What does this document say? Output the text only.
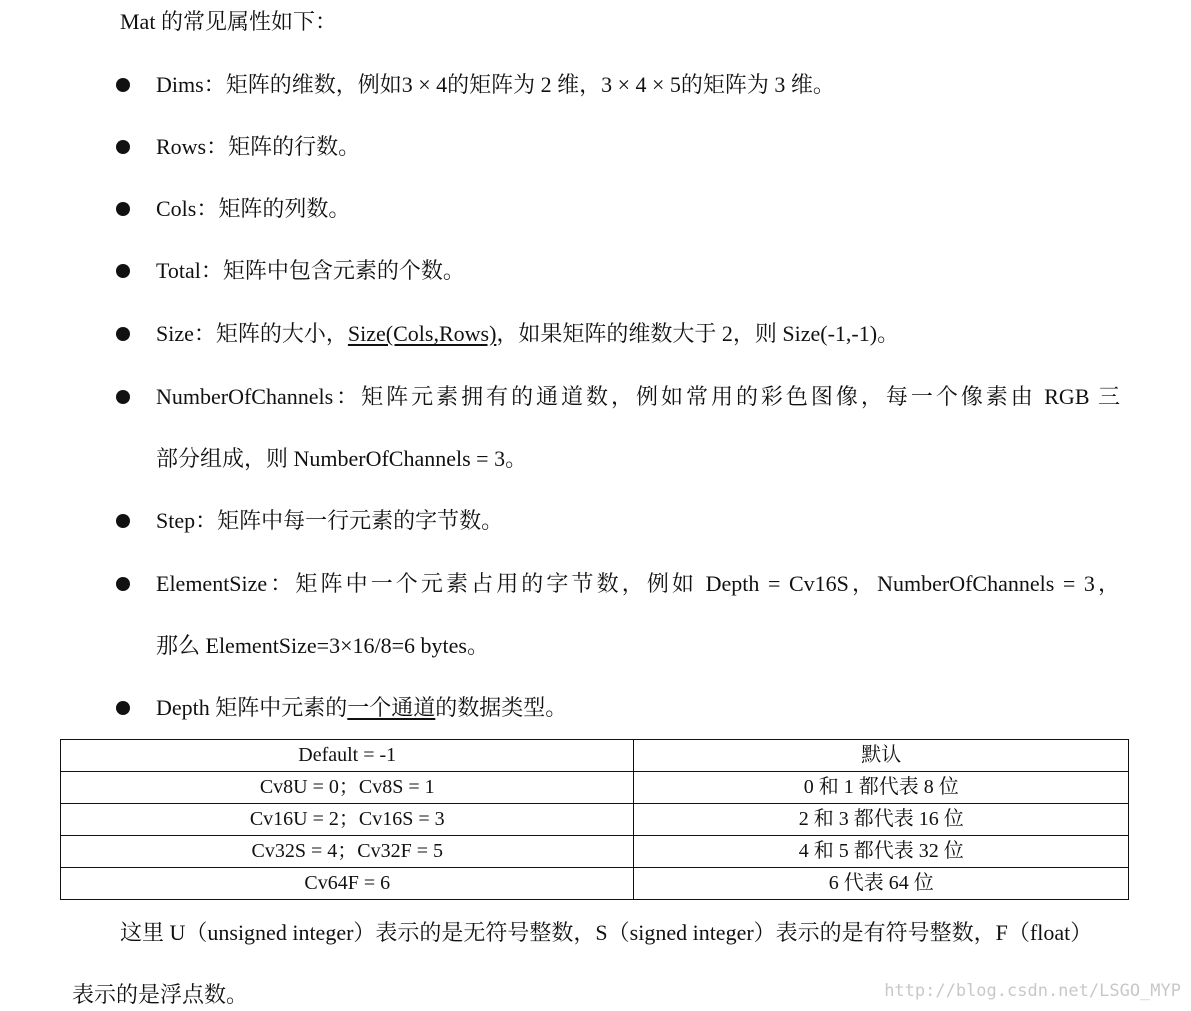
Mat 的常见属性如下：
Dims：矩阵的维数，例如3 × 4的矩阵为 2 维，3 × 4 × 5的矩阵为 3 维。
Rows：矩阵的行数。
Cols：矩阵的列数。
Total：矩阵中包含元素的个数。
Size：矩阵的大小，Size(Cols,Rows)，如果矩阵的维数大于 2，则 Size(-1,-1)。
NumberOfChannels：矩阵元素拥有的通道数，例如常用的彩色图像，每一个像素由 RGB 三
部分组成，则 NumberOfChannels = 3。
Step：矩阵中每一行元素的字节数。
ElementSize：矩阵中一个元素占用的字节数，例如 Depth = Cv16S，NumberOfChannels = 3，
那么 ElementSize=3×16/8=6 bytes。
Depth 矩阵中元素的一个通道的数据类型。
Default = -1	默认
Cv8U = 0；Cv8S = 1	0 和 1 都代表 8 位
Cv16U = 2；Cv16S = 3	2 和 3 都代表 16 位
Cv32S = 4；Cv32F = 5	4 和 5 都代表 32 位
Cv64F = 6	6 代表 64 位
这里 U（unsigned integer）表示的是无符号整数，S（signed integer）表示的是有符号整数，F（float）
表示的是浮点数。	http://blog.csdn.net/LSGO_MYP
